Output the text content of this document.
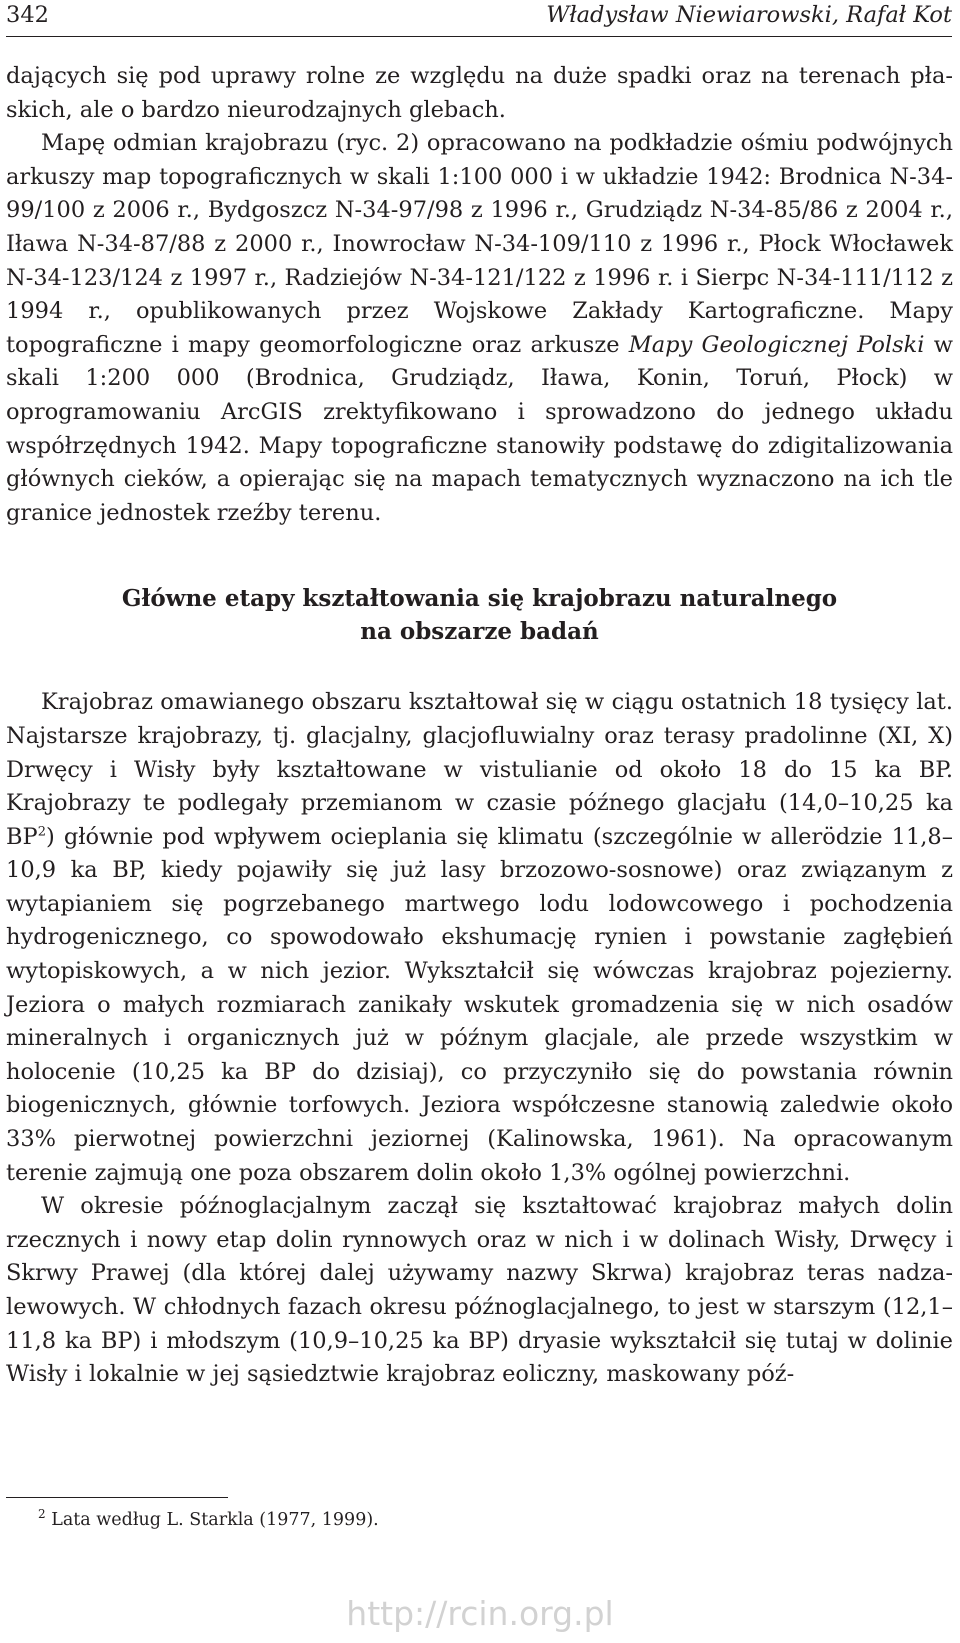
342	Władysław Niewiarowski, Rafał Kot

dających się pod uprawy rolne ze względu na duże spadki oraz na terenach płaskich, ale o bardzo nieurodzajnych glebach.

Mapę odmian krajobrazu (ryc. 2) opracowano na podkładzie ośmiu podwójnych arkuszy map topograficznych w skali 1:100 000 i w układzie 1942: Brodnica N-34-99/100 z 2006 r., Bydgoszcz N-34-97/98 z 1996 r., Grudziądz N-34-85/86 z 2004 r., Iława N-34-87/88 z 2000 r., Inowrocław N-34-109/110 z 1996 r., Płock Włocławek N-34-123/124 z 1997 r., Radziejów N-34-121/122 z 1996 r. i Sierpc N-34-111/112 z 1994 r., opublikowanych przez Wojskowe Zakłady Kartograficzne. Mapy topograficzne i mapy geomorfologiczne oraz arkusze Mapy Geologicznej Polski w skali 1:200 000 (Brodnica, Grudziądz, Iława, Konin, Toruń, Płock) w oprogramowaniu ArcGIS zrektyfikowano i sprowadzono do jednego układu współrzędnych 1942. Mapy topograficzne stanowiły podstawę do zdigitalizowania głównych cieków, a opierając się na mapach tematycznych wyznaczono na ich tle granice jednostek rzeźby terenu.

Główne etapy kształtowania się krajobrazu naturalnego
na obszarze badań

Krajobraz omawianego obszaru kształtował się w ciągu ostatnich 18 tysięcy lat. Najstarsze krajobrazy, tj. glacjalny, glacjofluwialny oraz terasy pradolinne (XI, X) Drwęcy i Wisły były kształtowane w vistulianie od około 18 do 15 ka BP. Krajobrazy te podlegały przemianom w czasie późnego glacjału (14,0–10,25 ka $BP^2$) głównie pod wpływem ocieplania się klimatu (szczególnie w allerödzie 11,8–10,9 ka BP, kiedy pojawiły się już lasy brzozowo-sosnowe) oraz związanym z wytapianiem się pogrzebanego martwego lodu lodowcowego i pochodzenia hydrogenicznego, co spowodowało ekshumację rynien i powstanie zagłębień wytopiskowych, a w nich jezior. Wykształcił się wówczas krajobraz pojezierny. Jeziora o małych rozmiarach zanikały wskutek gromadzenia się w nich osadów mineralnych i organicznych już w późnym glacjale, ale przede wszystkim w holocenie (10,25 ka BP do dzisiaj), co przyczyniło się do powstania równin biogenicznych, głównie torfowych. Jeziora współczesne stanowią zaledwie około 33% pierwotnej powierzchni jeziornej (Kalinowska, 1961). Na opracowanym terenie zajmują one poza obszarem dolin około 1,3% ogólnej powierzchni.

W okresie późnoglacjalnym zaczął się kształtować krajobraz małych dolin rzecznych i nowy etap dolin rynnowych oraz w nich i w dolinach Wisły, Drwęcy i Skrwy Prawej (dla której dalej używamy nazwy Skrwa) krajobraz teras nadzalewowych. W chłodnych fazach okresu późnoglacjalnego, to jest w starszym (12,1–11,8 ka BP) i młodszym (10,9–10,25 ka BP) dryasie wykształcił się tutaj w dolinie Wisły i lokalnie w jej sąsiedztwie krajobraz eoliczny, maskowany póź-

$^2$ Lata według L. Starkla (1977, 1999).
http://rcin.org.pl
